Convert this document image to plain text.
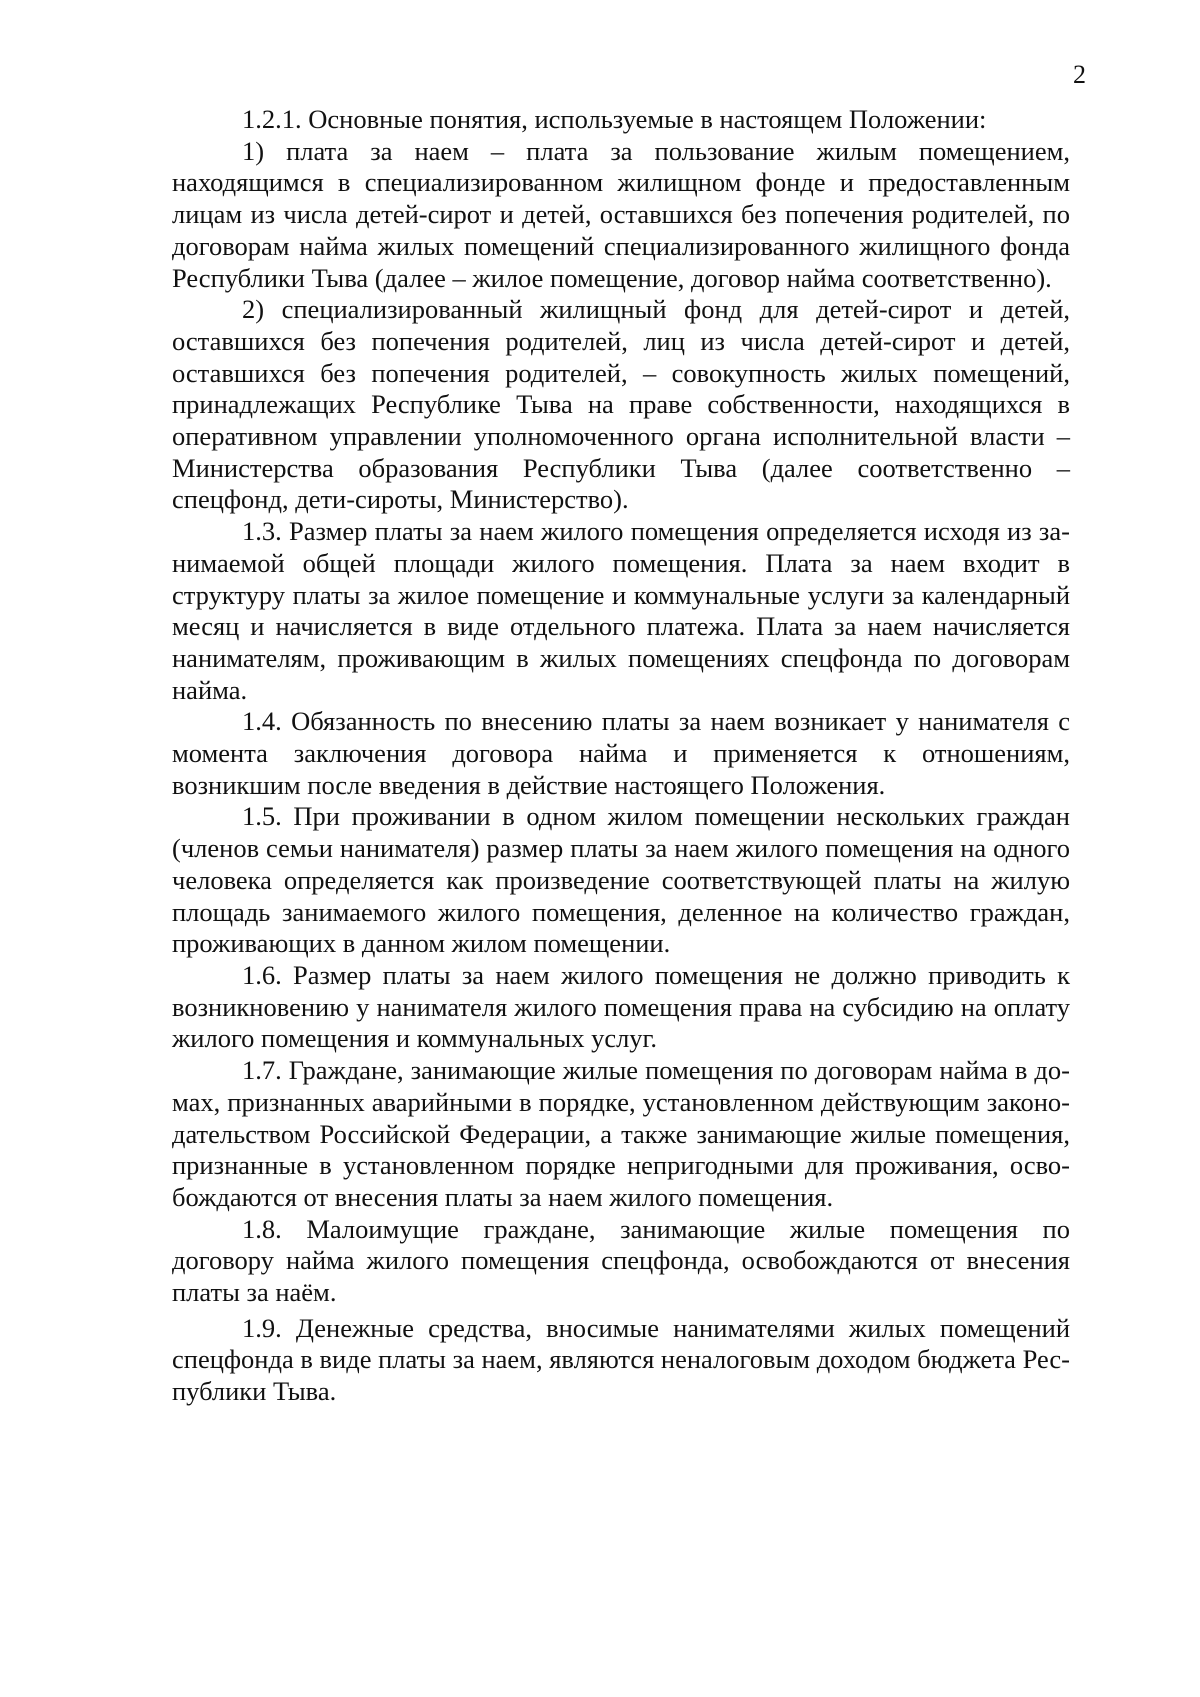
2

1.2.1. Основные понятия, используемые в настоящем Положении:

1) плата за наем – плата за пользование жилым помещением, находящимся в специализированном жилищном фонде и предоставленным лицам из числа детей-сирот и детей, оставшихся без попечения родителей, по договорам найма жилых помещений специализированного жилищного фонда Республики Тыва (далее – жилое помещение, договор найма соответственно).

2) специализированный жилищный фонд для детей-сирот и детей, оставшихся без попечения родителей, лиц из числа детей-сирот и детей, оставшихся без попечения родителей, – совокупность жилых помещений, принадлежащих Республике Тыва на праве собственности, находящихся в оперативном управлении уполномоченного органа исполнительной власти – Министерства образования Республики Тыва (далее соответственно – спецфонд, дети-сироты, Министерство).

1.3. Размер платы за наем жилого помещения определяется исходя из занимаемой общей площади жилого помещения. Плата за наем входит в структуру платы за жилое помещение и коммунальные услуги за календарный месяц и начисляется в виде отдельного платежа. Плата за наем начисляется нанимателям, проживающим в жилых помещениях спецфонда по договорам найма.

1.4. Обязанность по внесению платы за наем возникает у нанимателя с момента заключения договора найма и применяется к отношениям, возникшим после введения в действие настоящего Положения.

1.5. При проживании в одном жилом помещении нескольких граждан (членов семьи нанимателя) размер платы за наем жилого помещения на одного человека определяется как произведение соответствующей платы на жилую площадь занимаемого жилого помещения, деленное на количество граждан, проживающих в данном жилом помещении.

1.6. Размер платы за наем жилого помещения не должно приводить к возникновению у нанимателя жилого помещения права на субсидию на оплату жилого помещения и коммунальных услуг.

1.7. Граждане, занимающие жилые помещения по договорам найма в домах, признанных аварийными в порядке, установленном действующим законодательством Российской Федерации, а также занимающие жилые помещения, признанные в установленном порядке непригодными для проживания, освобождаются от внесения платы за наем жилого помещения.

1.8. Малоимущие граждане, занимающие жилые помещения по договору найма жилого помещения спецфонда, освобождаются от внесения платы за наём.

1.9. Денежные средства, вносимые нанимателями жилых помещений спецфонда в виде платы за наем, являются неналоговым доходом бюджета Республики Тыва.
